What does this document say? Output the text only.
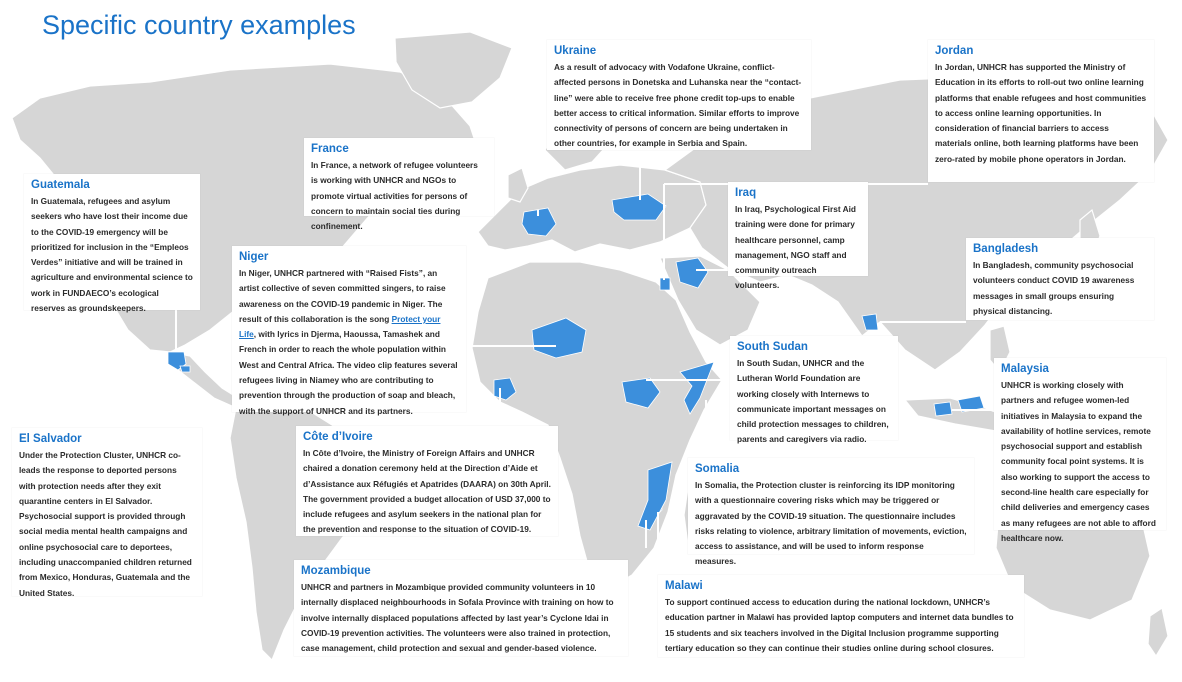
Specific country examples
Guatemala

In Guatemala, refugees and asylum seekers who have lost their income due to the COVID-19 emergency will be prioritized for inclusion in the “Empleos Verdes” initiative and will be trained in agriculture and environmental science to work in FUNDAECO’s ecological reserves as groundskeepers.

El Salvador

Under the Protection Cluster, UNHCR co-leads the response to deported persons with protection needs after they exit quarantine centers in El Salvador. Psychosocial support is provided through social media mental health campaigns and online psychosocial care to deportees, including unaccompanied children returned from Mexico, Honduras, Guatemala and the United States.

France

In France, a network of refugee volunteers is working with UNHCR and NGOs to promote virtual activities for persons of concern to maintain social ties during confinement.

Niger

In Niger, UNHCR partnered with “Raised Fists”, an artist collective of seven committed singers, to raise awareness on the COVID-19 pandemic in Niger. The result of this collaboration is the song Protect your Life, with lyrics in Djerma, Haoussa, Tamashek and French in order to reach the whole population within West and Central Africa. The video clip features several refugees living in Niamey who are contributing to prevention through the production of soap and bleach, with the support of UNHCR and its partners.

Ukraine

As a result of advocacy with Vodafone Ukraine, conflict-affected persons in Donetska and Luhanska near the “contact-line” were able to receive free phone credit top-ups to enable better access to critical information. Similar efforts to improve connectivity of persons of concern are being undertaken in other countries, for example in Serbia and Spain.

Jordan

In Jordan, UNHCR has supported the Ministry of Education in its efforts to roll-out two online learning platforms that enable refugees and host communities to access online learning opportunities. In consideration of financial barriers to access materials online, both learning platforms have been zero-rated by mobile phone operators in Jordan.

Iraq

In Iraq, Psychological First Aid training were done for primary healthcare personnel, camp management, NGO staff and community outreach volunteers.

Bangladesh

In Bangladesh, community psychosocial volunteers conduct COVID 19 awareness messages in small groups ensuring physical distancing.

South Sudan

In South Sudan, UNHCR and the Lutheran World Foundation are working closely with Internews to communicate important messages on child protection messages to children, parents and caregivers via radio.

Malaysia

UNHCR is working closely with partners and refugee women-led initiatives in Malaysia to expand the availability of hotline services, remote psychosocial support and establish community focal point systems. It is also working to support the access to second-line health care especially for child deliveries and emergency cases as many refugees are not able to afford healthcare now.

Côte d’Ivoire

In Côte d’Ivoire, the Ministry of Foreign Affairs and UNHCR chaired a donation ceremony held at the Direction d’Aide et d’Assistance aux Réfugiés et Apatrides (DAARA) on 30th April. The government provided a budget allocation of USD 37,000 to include refugees and asylum seekers in the national plan for the prevention and response to the situation of COVID-19.

Somalia

In Somalia, the Protection cluster is reinforcing its IDP monitoring with a questionnaire covering risks which may be triggered or aggravated by the COVID-19 situation. The questionnaire includes risks relating to violence, arbitrary limitation of movements, eviction, access to assistance, and will be used to inform response measures.

Mozambique

UNHCR and partners in Mozambique provided community volunteers in 10 internally displaced neighbourhoods in Sofala Province with training on how to involve internally displaced populations affected by last year’s Cyclone Idai in COVID-19 prevention activities. The volunteers were also trained in protection, case management, child protection and sexual and gender-based violence.

Malawi

To support continued access to education during the national lockdown, UNHCR’s education partner in Malawi has provided laptop computers and internet data bundles to 15 students and six teachers involved in the Digital Inclusion programme supporting tertiary education so they can continue their studies online during school closures.
